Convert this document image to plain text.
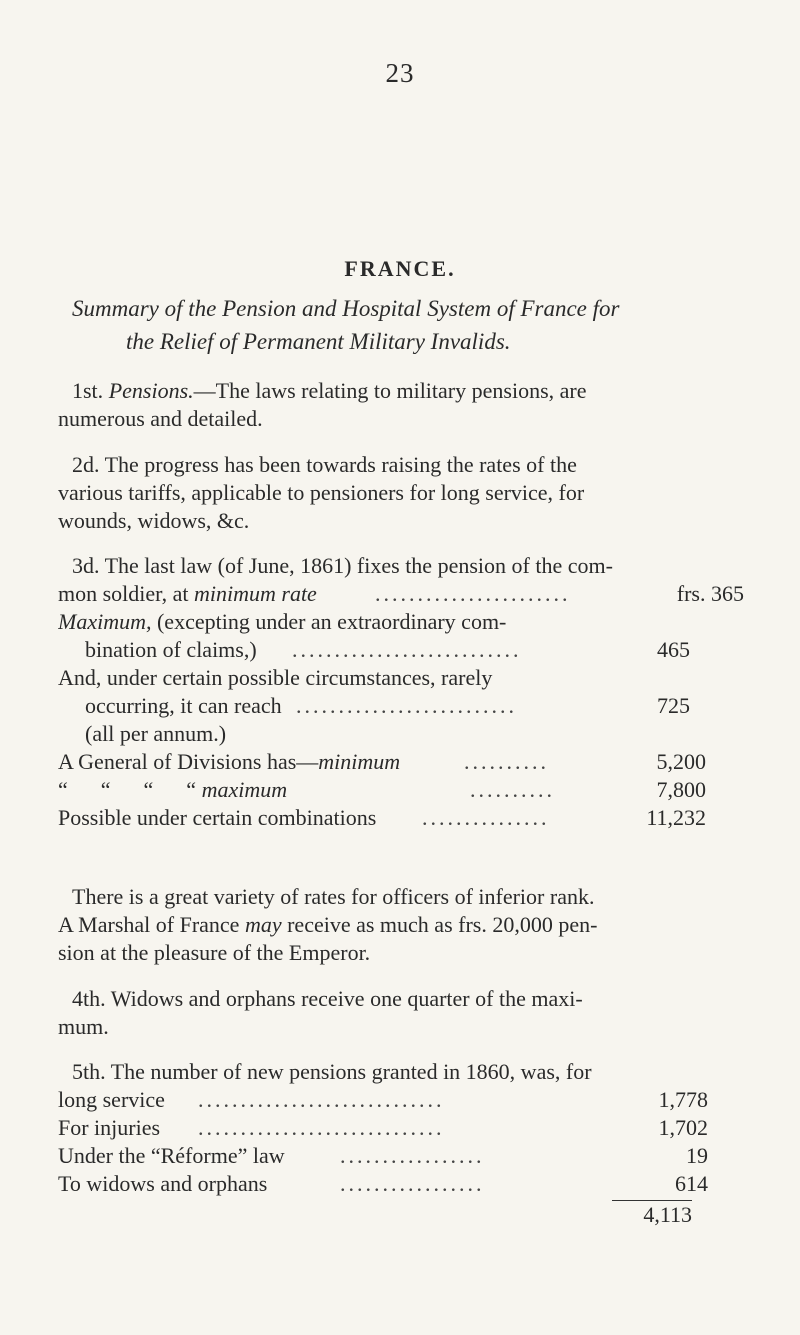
23
FRANCE.
Summary of the Pension and Hospital System of France for
the Relief of Permanent Military Invalids.
1st. Pensions.—The laws relating to military pensions, are
numerous and detailed.
2d. The progress has been towards raising the rates of the
various tariffs, applicable to pensioners for long service, for
wounds, widows, &c.
3d. The last law (of June, 1861) fixes the pension of the com-
mon soldier, at minimum rate	.......................	frs. 365
Maximum, (excepting under an extraordinary com-
bination of claims,) ...........................	465
And, under certain possible circumstances, rarely
occurring, it can reach ..........................	725
(all per annum.)
A General of Divisions has—minimum	..........	5,200
“      “      “      “ maximum	..........	7,800
Possible under certain combinations ...............	11,232
There is a great variety of rates for officers of inferior rank.
A Marshal of France may receive as much as frs. 20,000 pen-
sion at the pleasure of the Emperor.
4th. Widows and orphans receive one quarter of the maxi-
mum.
5th. The number of new pensions granted in 1860, was, for
long service .............................	1,778
For injuries .............................	1,702
Under the “Réforme” law	.................	19
To widows and orphans	.................	614
4,113
